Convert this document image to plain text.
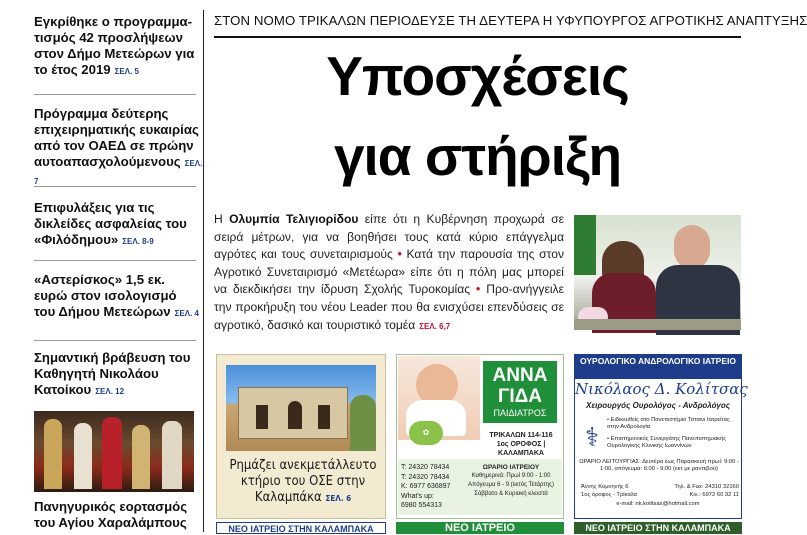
Εγκρίθηκε ο προγραμμα-τισμός 42 προσλήψεων στον Δήμο Μετεώρων για το έτος 2019 ΣΕΛ. 5
Πρόγραμμα δεύτερης επιχειρηματικής ευκαιρίας από τον ΟΑΕΔ σε πρώην αυτοαπασχολούμενους ΣΕΛ. 7
Επιφυλάξεις για τις δικλείδες ασφαλείας του «Φιλόδημου» ΣΕΛ. 8-9
«Αστερίσκος» 1,5 εκ. ευρώ στον ισολογισμό του Δήμου Μετεώρων ΣΕΛ. 4
Σημαντική βράβευση του Καθηγητή Νικολάου Κατοίκου ΣΕΛ. 12
Πανηγυρικός εορτασμός του Αγίου Χαραλάμπους
ΣΤΟΝ ΝΟΜΟ ΤΡΙΚΑΛΩΝ ΠΕΡΙΟΔΕΥΣΕ ΤΗ ΔΕΥΤΕΡΑ Η ΥΦΥΠΟΥΡΓΟΣ ΑΓΡΟΤΙΚΗΣ ΑΝΑΠΤΥΞΗΣ
Υποσχέσεις
για στήριξη
Η Ολυμπία Τελιγιορίδου είπε ότι η Κυβέρνηση προχωρά σε σειρά μέτρων, για να βοηθήσει τους κατά κύριο επάγγελμα αγρότες και τους συνεταιρισμούς • Κατά την παρουσία της στον Αγροτικό Συνεταιρισμό «Μετέωρα» είπε ότι η πόλη μας μπορεί να διεκδικήσει την ίδρυση Σχολής Τυροκομίας • Προ-ανήγγειλε την προκήρυξη του νέου Leader που θα ενισχύσει επενδύσεις σε αγροτικό, δασικό και τουριστικό τομέα ΣΕΛ. 6,7
Ρημάζει ανεκμετάλλευτο κτήριο του ΟΣΕ στην Καλαμπάκα ΣΕΛ. 6
✿
ΑΝΝΑ
ΓΙΔΑ
ΠΑΙΔΙΑΤΡΟΣ
ΤΡΙΚΑΛΩΝ 114-116
1ος ΟΡΟΦΟΣ | ΚΑΛΑΜΠΑΚΑ
T: 24320 78434
T: 24320 78434
Κ: 6977 636897
What's up:
6980 554313
ΩΡΑΡΙΟ ΙΑΤΡΕΙΟΥ
Καθημερινά: Πρωί 9:00 - 1:00
Απόγευμα 6 - 9 (εκτός Τετάρτης)
Σάββατο & Κυριακή κλειστά
ΟΥΡΟΛΟΓΙΚΟ ΑΝΔΡΟΛΟΓΙΚΟ ΙΑΤΡΕΙΟ
Νικόλαος Δ. Κολίτσας
Χειρουργός Ουρολόγος - Ανδρολόγος
⚕
• Ειδικευθείς στο Πανεπιστήμιο Τσταινι Ιατρείτας στην Ανδρολογία
• Επιστημονικός Συνεργάτης Πανεπιστημιακής Ουρολογικής Κλινικής Ιωαννίνων
ΩΡΑΡΙΟ ΛΕΙΤΟΥΡΓΙΑΣ: Δευτέρα έως Παρασκευή πρωί: 9:00 - 1:00, απόγευμα: 6:00 - 9:00 (εκτ με ραντεβού)
Άννης Κομνηνής 6
1ος όροφος - Τρίκαλα
Τηλ. & Fax: 24310 32160
Κιν.: 6972 60 32 11
e-mail: nk.kolitsas@hotmail.com
ΝΕΟ ΙΑΤΡΕΙΟ ΣΤΗΝ ΚΑΛΑΜΠΑΚΑ	ΝΕΟ ΙΑΤΡΕΙΟ	ΝΕΟ ΙΑΤΡΕΙΟ ΣΤΗΝ ΚΑΛΑΜΠΑΚΑ
